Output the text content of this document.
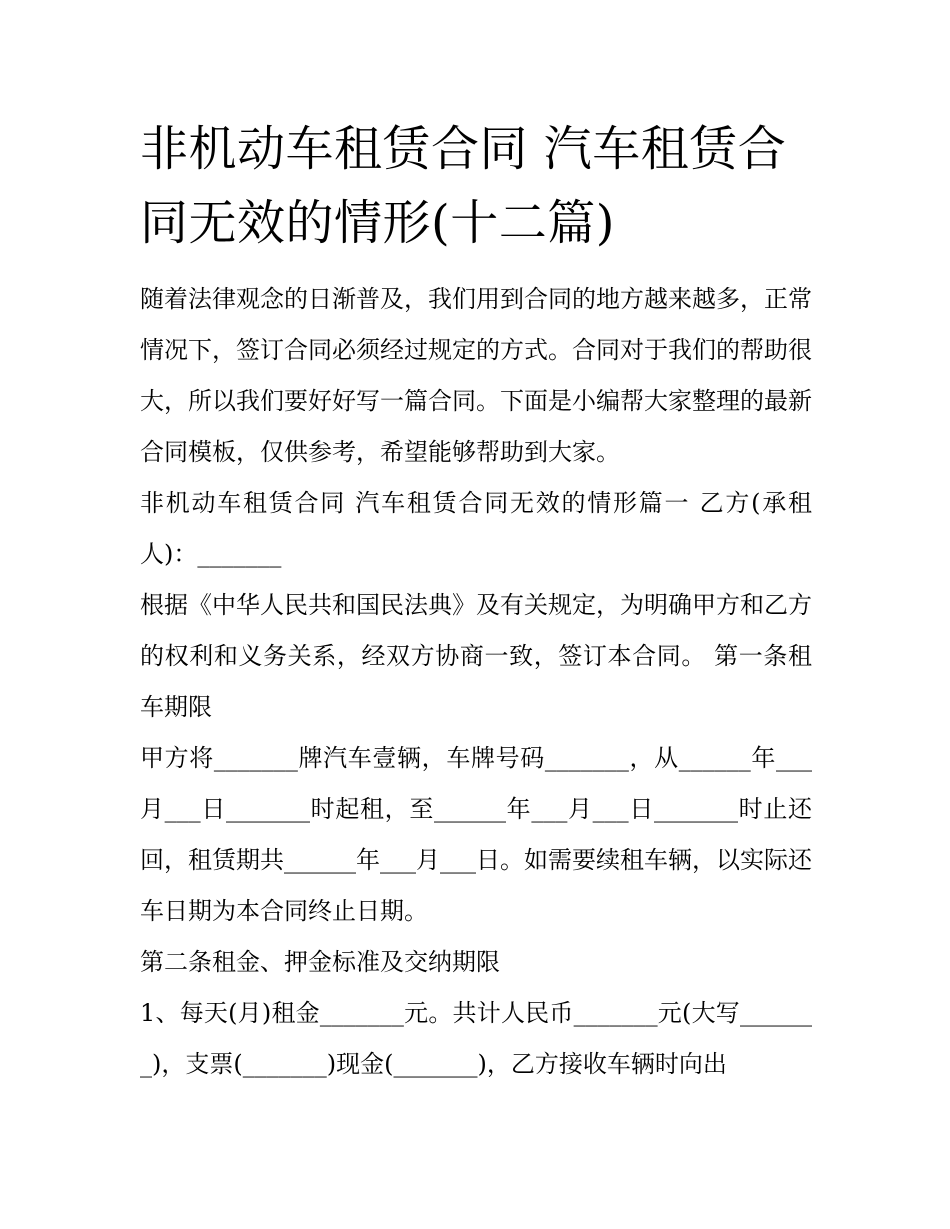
非机动车租赁合同 汽车租赁合同无效的情形(十二篇)

随着法律观念的日渐普及，我们用到合同的地方越来越多，正常情况下，签订合同必须经过规定的方式。合同对于我们的帮助很大，所以我们要好好写一篇合同。下面是小编帮大家整理的最新合同模板，仅供参考，希望能够帮助到大家。

非机动车租赁合同 汽车租赁合同无效的情形篇一 乙方(承租人)：_______

根据《中华人民共和国民法典》及有关规定，为明确甲方和乙方的权利和义务关系，经双方协商一致，签订本合同。 第一条租车期限

甲方将_______牌汽车壹辆，车牌号码_______，从______年___月___日_______时起租，至______年___月___日_______时止还回，租赁期共______年___月___日。如需要续租车辆，以实际还车日期为本合同终止日期。

第二条租金、押金标准及交纳期限

1、每天(月)租金_______元。共计人民币_______元(大写_______)，支票(_______)现金(_______)，乙方接收车辆时向出
